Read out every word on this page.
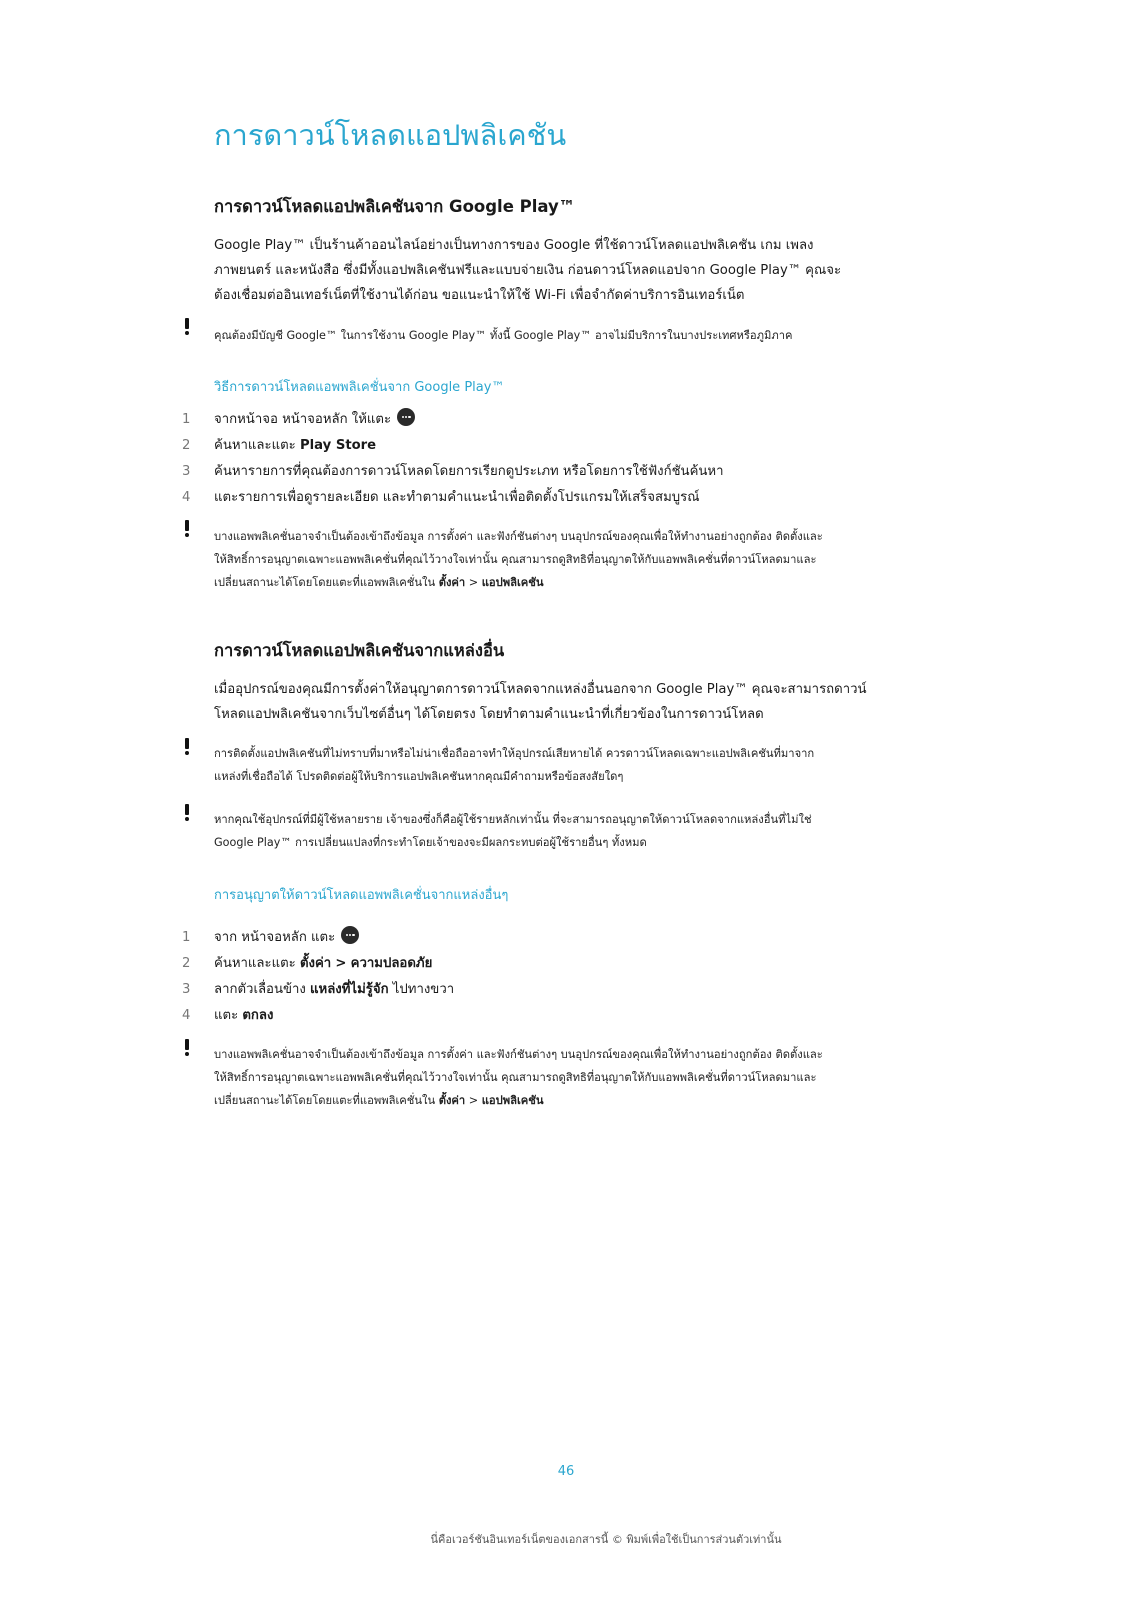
การดาวน์โหลดแอปพลิเคชัน
การดาวน์โหลดแอปพลิเคชันจาก Google Play™
Google Play™ เป็นร้านค้าออนไลน์อย่างเป็นทางการของ Google ที่ใช้ดาวน์โหลดแอปพลิเคชัน เกม เพลง
ภาพยนตร์ และหนังสือ ซึ่งมีทั้งแอปพลิเคชันฟรีและแบบจ่ายเงิน ก่อนดาวน์โหลดแอปจาก Google Play™ คุณจะ
ต้องเชื่อมต่ออินเทอร์เน็ตที่ใช้งานได้ก่อน ขอแนะนำให้ใช้ Wi-Fi เพื่อจำกัดค่าบริการอินเทอร์เน็ต
คุณต้องมีบัญชี Google™ ในการใช้งาน Google Play™ ทั้งนี้ Google Play™ อาจไม่มีบริการในบางประเทศหรือภูมิภาค
วิธีการดาวน์โหลดแอพพลิเคชั่นจาก Google Play™
1	จากหน้าจอ หน้าจอหลัก ให้แตะ
2	ค้นหาและแตะ Play Store
3	ค้นหารายการที่คุณต้องการดาวน์โหลดโดยการเรียกดูประเภท หรือโดยการใช้ฟังก์ชันค้นหา
4	แตะรายการเพื่อดูรายละเอียด และทำตามคำแนะนำเพื่อติดตั้งโปรแกรมให้เสร็จสมบูรณ์
บางแอพพลิเคชั่นอาจจำเป็นต้องเข้าถึงข้อมูล การตั้งค่า และฟังก์ชันต่างๆ บนอุปกรณ์ของคุณเพื่อให้ทำงานอย่างถูกต้อง ติดตั้งและ
ให้สิทธิ์การอนุญาตเฉพาะแอพพลิเคชั่นที่คุณไว้วางใจเท่านั้น คุณสามารถดูสิทธิที่อนุญาตให้กับแอพพลิเคชั่นที่ดาวน์โหลดมาและ
เปลี่ยนสถานะได้โดยโดยแตะที่แอพพลิเคชั่นใน ตั้งค่า > แอปพลิเคชัน
การดาวน์โหลดแอปพลิเคชันจากแหล่งอื่น
เมื่ออุปกรณ์ของคุณมีการตั้งค่าให้อนุญาตการดาวน์โหลดจากแหล่งอื่นนอกจาก Google Play™ คุณจะสามารถดาวน์
โหลดแอปพลิเคชันจากเว็บไซต์อื่นๆ ได้โดยตรง โดยทำตามคำแนะนำที่เกี่ยวข้องในการดาวน์โหลด
การติดตั้งแอปพลิเคชันที่ไม่ทราบที่มาหรือไม่น่าเชื่อถืออาจทำให้อุปกรณ์เสียหายได้ ควรดาวน์โหลดเฉพาะแอปพลิเคชันที่มาจาก
แหล่งที่เชื่อถือได้ โปรดติดต่อผู้ให้บริการแอปพลิเคชันหากคุณมีคำถามหรือข้อสงสัยใดๆ
หากคุณใช้อุปกรณ์ที่มีผู้ใช้หลายราย เจ้าของซึ่งก็คือผู้ใช้รายหลักเท่านั้น ที่จะสามารถอนุญาตให้ดาวน์โหลดจากแหล่งอื่นที่ไม่ใช่
Google Play™ การเปลี่ยนแปลงที่กระทำโดยเจ้าของจะมีผลกระทบต่อผู้ใช้รายอื่นๆ ทั้งหมด
การอนุญาตให้ดาวน์โหลดแอพพลิเคชั่นจากแหล่งอื่นๆ
1	จาก หน้าจอหลัก แตะ
2	ค้นหาและแตะ ตั้งค่า > ความปลอดภัย
3	ลากตัวเลื่อนข้าง แหล่งที่ไม่รู้จัก ไปทางขวา
4	แตะ ตกลง
บางแอพพลิเคชั่นอาจจำเป็นต้องเข้าถึงข้อมูล การตั้งค่า และฟังก์ชันต่างๆ บนอุปกรณ์ของคุณเพื่อให้ทำงานอย่างถูกต้อง ติดตั้งและ
ให้สิทธิ์การอนุญาตเฉพาะแอพพลิเคชั่นที่คุณไว้วางใจเท่านั้น คุณสามารถดูสิทธิที่อนุญาตให้กับแอพพลิเคชั่นที่ดาวน์โหลดมาและ
เปลี่ยนสถานะได้โดยโดยแตะที่แอพพลิเคชั่นใน ตั้งค่า > แอปพลิเคชัน
46
นี่คือเวอร์ชันอินเทอร์เน็ตของเอกสารนี้ © พิมพ์เพื่อใช้เป็นการส่วนตัวเท่านั้น
